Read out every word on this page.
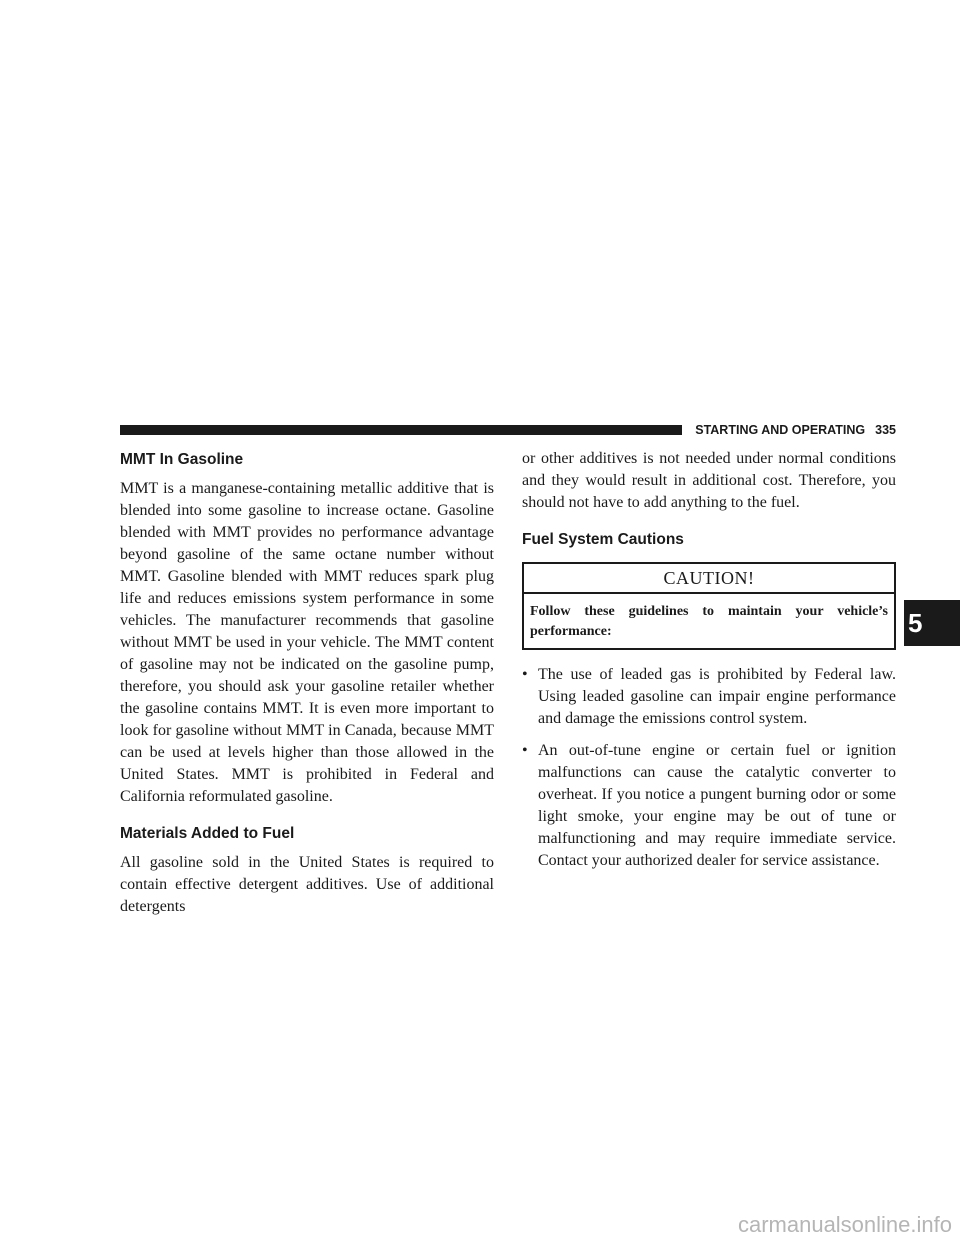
STARTING AND OPERATING 335
MMT In Gasoline

MMT is a manganese-containing metallic additive that is blended into some gasoline to increase octane. Gasoline blended with MMT provides no performance advantage beyond gasoline of the same octane number without MMT. Gasoline blended with MMT reduces spark plug life and reduces emissions system performance in some vehicles. The manufacturer recommends that gasoline without MMT be used in your vehicle. The MMT content of gasoline may not be indicated on the gasoline pump, therefore, you should ask your gasoline retailer whether the gasoline contains MMT. It is even more important to look for gasoline without MMT in Canada, because MMT can be used at levels higher than those allowed in the United States. MMT is prohibited in Federal and California reformulated gasoline.

Materials Added to Fuel

All gasoline sold in the United States is required to contain effective detergent additives. Use of additional detergents

or other additives is not needed under normal conditions and they would result in additional cost. Therefore, you should not have to add anything to the fuel.

Fuel System Cautions
CAUTION!
Follow these guidelines to maintain your vehicle’s performance:
• The use of leaded gas is prohibited by Federal law. Using leaded gasoline can impair engine performance and damage the emissions control system.

• An out-of-tune engine or certain fuel or ignition malfunctions can cause the catalytic converter to overheat. If you notice a pungent burning odor or some light smoke, your engine may be out of tune or malfunctioning and may require immediate service. Contact your authorized dealer for service assistance.

5
carmanualsonline.info
